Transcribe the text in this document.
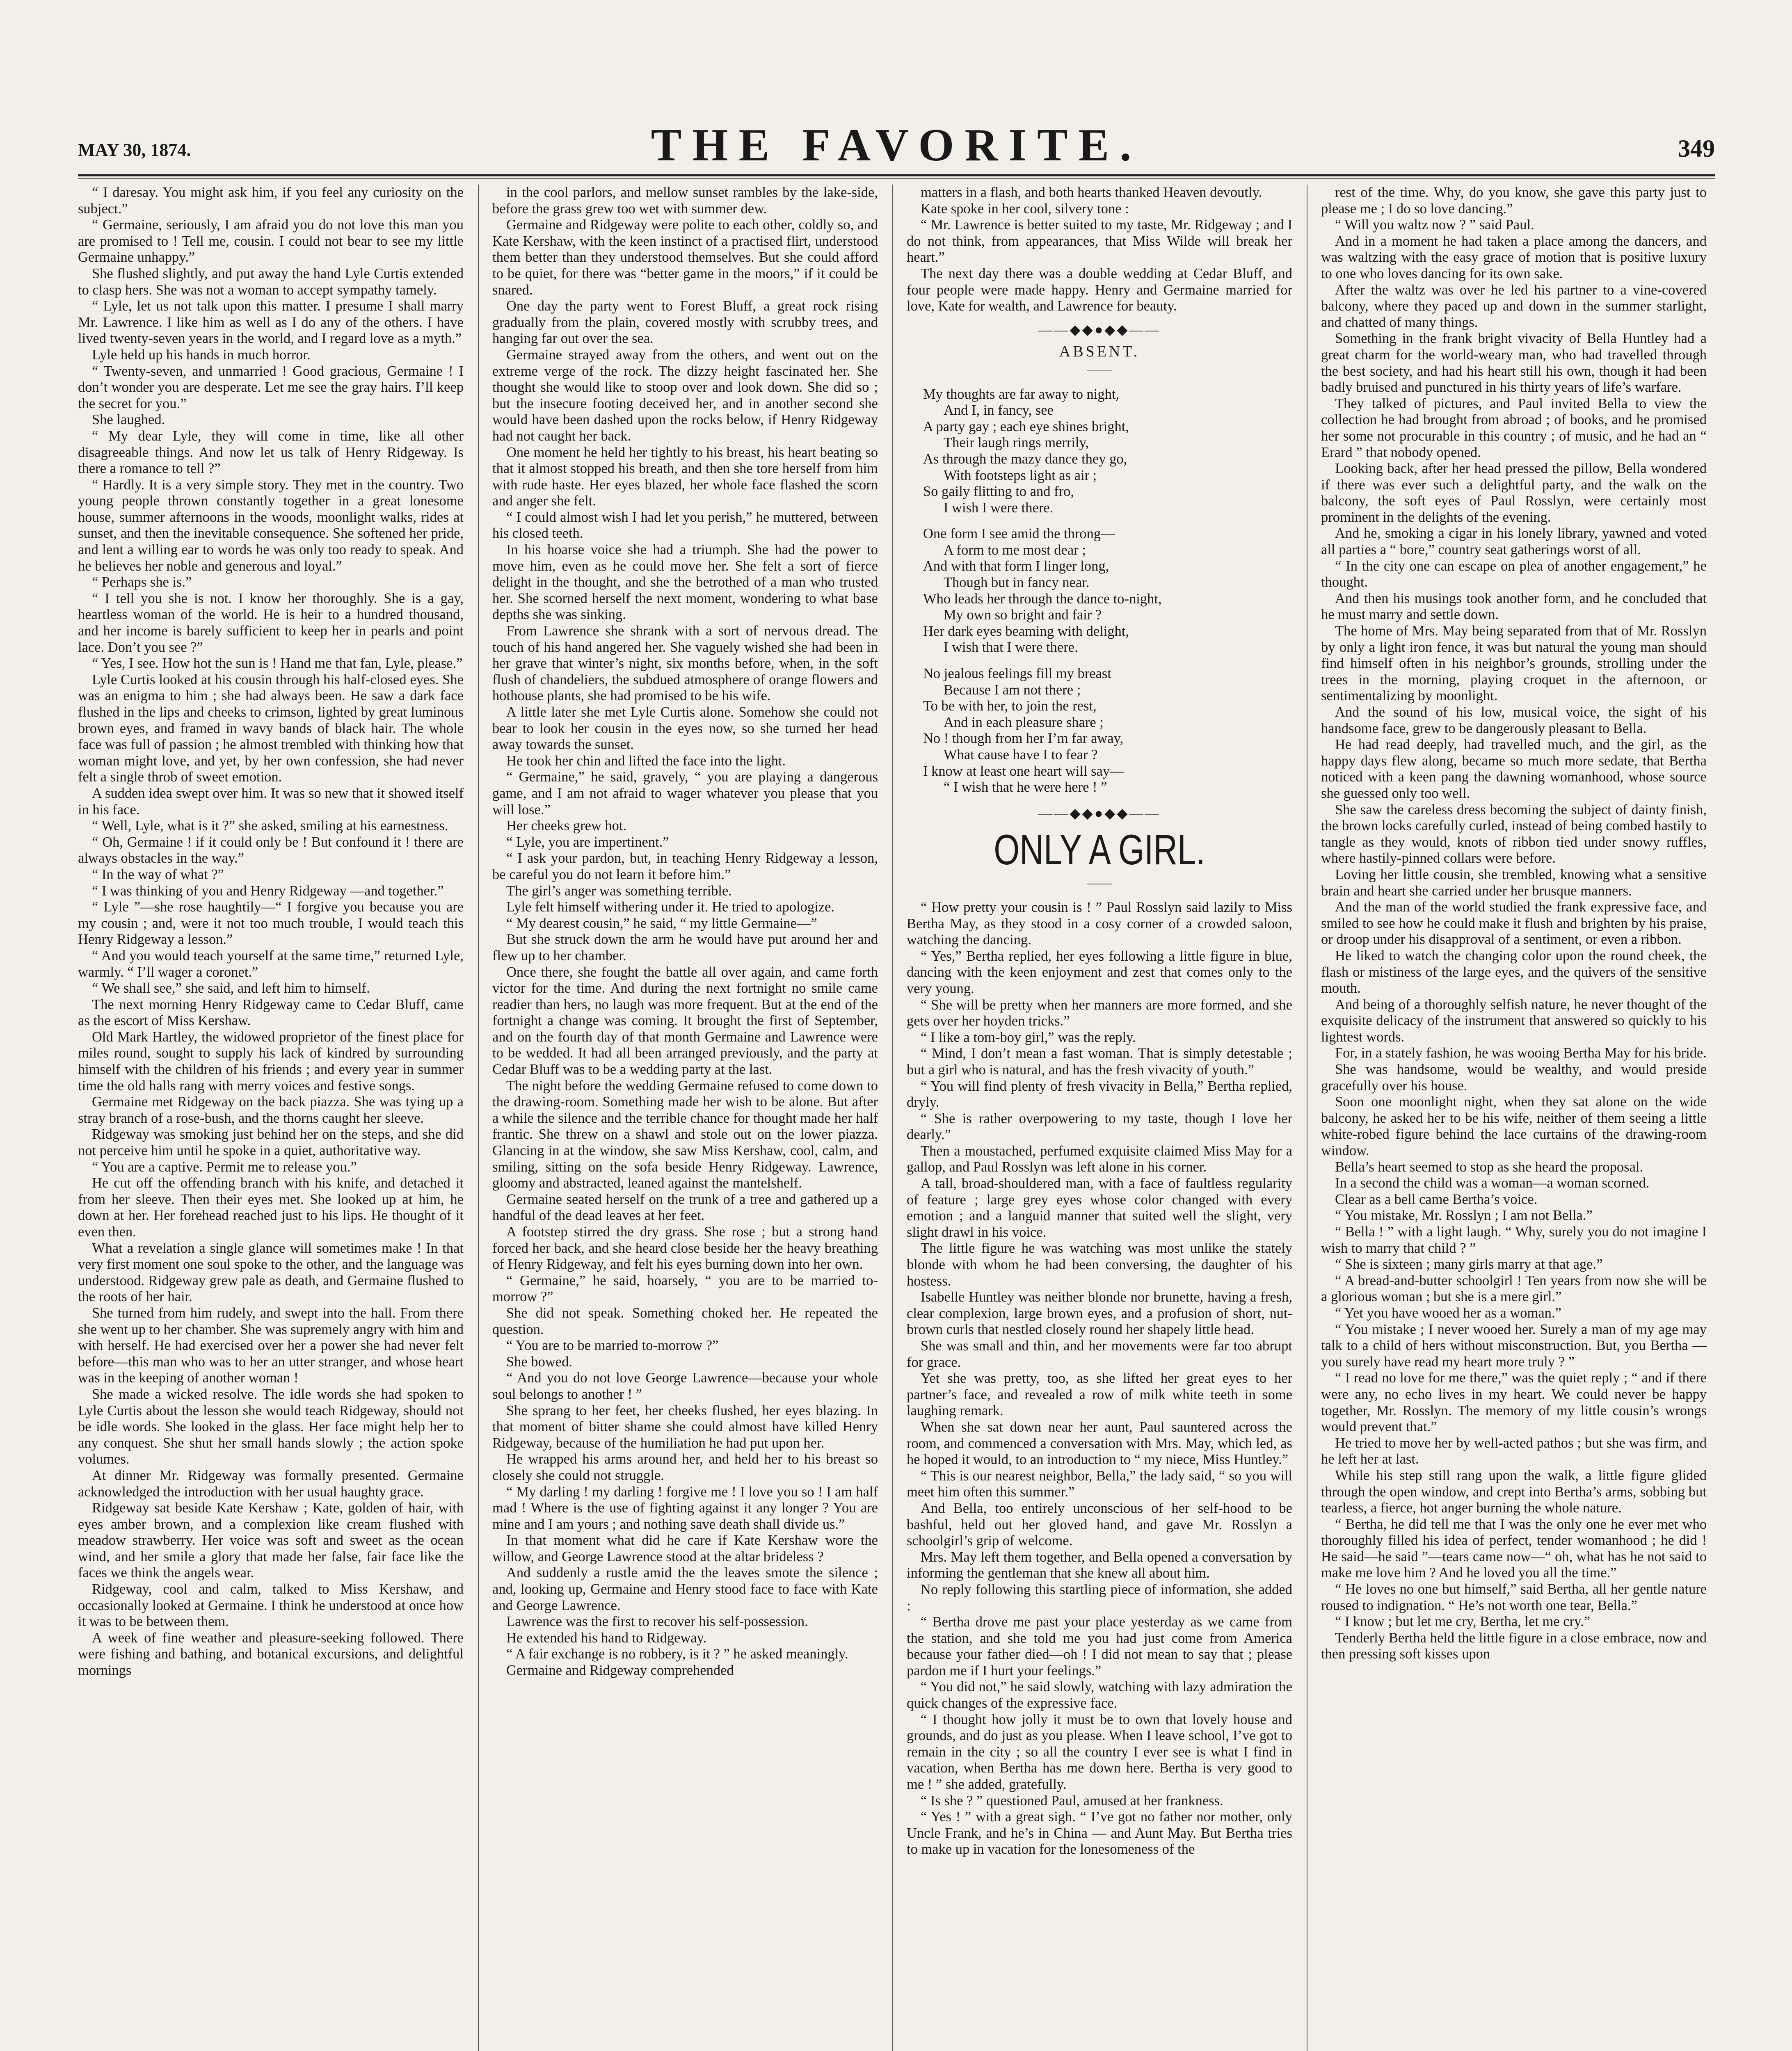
MAY 30, 1874.	THE FAVORITE.	349

“ I daresay. You might ask him, if you feel any curiosity on the subject.”

“ Germaine, seriously, I am afraid you do not love this man you are promised to ! Tell me, cousin. I could not bear to see my little Germaine unhappy.”

She flushed slightly, and put away the hand Lyle Curtis extended to clasp hers. She was not a woman to accept sympathy tamely.

“ Lyle, let us not talk upon this matter. I presume I shall marry Mr. Lawrence. I like him as well as I do any of the others. I have lived twenty-seven years in the world, and I regard love as a myth.”

Lyle held up his hands in much horror.

“ Twenty-seven, and unmarried ! Good gracious, Germaine ! I don’t wonder you are desperate. Let me see the gray hairs. I’ll keep the secret for you.”

She laughed.

“ My dear Lyle, they will come in time, like all other disagreeable things. And now let us talk of Henry Ridgeway. Is there a romance to tell ?”

“ Hardly. It is a very simple story. They met in the country. Two young people thrown constantly together in a great lonesome house, summer afternoons in the woods, moonlight walks, rides at sunset, and then the inevitable consequence. She softened her pride, and lent a willing ear to words he was only too ready to speak. And he believes her noble and generous and loyal.”

“ Perhaps she is.”

“ I tell you she is not. I know her thoroughly. She is a gay, heartless woman of the world. He is heir to a hundred thousand, and her income is barely sufficient to keep her in pearls and point lace. Don’t you see ?”

“ Yes, I see. How hot the sun is ! Hand me that fan, Lyle, please.”

Lyle Curtis looked at his cousin through his half-closed eyes. She was an enigma to him ; she had always been. He saw a dark face flushed in the lips and cheeks to crimson, lighted by great luminous brown eyes, and framed in wavy bands of black hair. The whole face was full of passion ; he almost trembled with thinking how that woman might love, and yet, by her own confession, she had never felt a single throb of sweet emotion.

A sudden idea swept over him. It was so new that it showed itself in his face.

“ Well, Lyle, what is it ?” she asked, smiling at his earnestness.

“ Oh, Germaine ! if it could only be ! But confound it ! there are always obstacles in the way.”

“ In the way of what ?”

“ I was thinking of you and Henry Ridgeway —and together.”

“ Lyle ”—she rose haughtily—“ I forgive you because you are my cousin ; and, were it not too much trouble, I would teach this Henry Ridgeway a lesson.”

“ And you would teach yourself at the same time,” returned Lyle, warmly. “ I’ll wager a coronet.”

“ We shall see,” she said, and left him to himself.

The next morning Henry Ridgeway came to Cedar Bluff, came as the escort of Miss Kershaw.

Old Mark Hartley, the widowed proprietor of the finest place for miles round, sought to supply his lack of kindred by surrounding himself with the children of his friends ; and every year in summer time the old halls rang with merry voices and festive songs.

Germaine met Ridgeway on the back piazza. She was tying up a stray branch of a rose-bush, and the thorns caught her sleeve.

Ridgeway was smoking just behind her on the steps, and she did not perceive him until he spoke in a quiet, authoritative way.

“ You are a captive. Permit me to release you.”

He cut off the offending branch with his knife, and detached it from her sleeve. Then their eyes met. She looked up at him, he down at her. Her forehead reached just to his lips. He thought of it even then.

What a revelation a single glance will sometimes make ! In that very first moment one soul spoke to the other, and the language was understood. Ridgeway grew pale as death, and Germaine flushed to the roots of her hair.

She turned from him rudely, and swept into the hall. From there she went up to her chamber. She was supremely angry with him and with herself. He had exercised over her a power she had never felt before—this man who was to her an utter stranger, and whose heart was in the keeping of another woman !

She made a wicked resolve. The idle words she had spoken to Lyle Curtis about the lesson she would teach Ridgeway, should not be idle words. She looked in the glass. Her face might help her to any conquest. She shut her small hands slowly ; the action spoke volumes.

At dinner Mr. Ridgeway was formally presented. Germaine acknowledged the introduction with her usual haughty grace.

Ridgeway sat beside Kate Kershaw ; Kate, golden of hair, with eyes amber brown, and a complexion like cream flushed with meadow strawberry. Her voice was soft and sweet as the ocean wind, and her smile a glory that made her false, fair face like the faces we think the angels wear.

Ridgeway, cool and calm, talked to Miss Kershaw, and occasionally looked at Germaine. I think he understood at once how it was to be between them.

A week of fine weather and pleasure-seeking followed. There were fishing and bathing, and botanical excursions, and delightful mornings

in the cool parlors, and mellow sunset rambles by the lake-side, before the grass grew too wet with summer dew.

Germaine and Ridgeway were polite to each other, coldly so, and Kate Kershaw, with the keen instinct of a practised flirt, understood them better than they understood themselves. But she could afford to be quiet, for there was “better game in the moors,” if it could be snared.

One day the party went to Forest Bluff, a great rock rising gradually from the plain, covered mostly with scrubby trees, and hanging far out over the sea.

Germaine strayed away from the others, and went out on the extreme verge of the rock. The dizzy height fascinated her. She thought she would like to stoop over and look down. She did so ; but the insecure footing deceived her, and in another second she would have been dashed upon the rocks below, if Henry Ridgeway had not caught her back.

One moment he held her tightly to his breast, his heart beating so that it almost stopped his breath, and then she tore herself from him with rude haste. Her eyes blazed, her whole face flashed the scorn and anger she felt.

“ I could almost wish I had let you perish,” he muttered, between his closed teeth.

In his hoarse voice she had a triumph. She had the power to move him, even as he could move her. She felt a sort of fierce delight in the thought, and she the betrothed of a man who trusted her. She scorned herself the next moment, wondering to what base depths she was sinking.

From Lawrence she shrank with a sort of nervous dread. The touch of his hand angered her. She vaguely wished she had been in her grave that winter’s night, six months before, when, in the soft flush of chandeliers, the subdued atmosphere of orange flowers and hothouse plants, she had promised to be his wife.

A little later she met Lyle Curtis alone. Somehow she could not bear to look her cousin in the eyes now, so she turned her head away towards the sunset.

He took her chin and lifted the face into the light.

“ Germaine,” he said, gravely, “ you are playing a dangerous game, and I am not afraid to wager whatever you please that you will lose.”

Her cheeks grew hot.

“ Lyle, you are impertinent.”

“ I ask your pardon, but, in teaching Henry Ridgeway a lesson, be careful you do not learn it before him.”

The girl’s anger was something terrible.

Lyle felt himself withering under it. He tried to apologize.

“ My dearest cousin,” he said, “ my little Germaine—”

But she struck down the arm he would have put around her and flew up to her chamber.

Once there, she fought the battle all over again, and came forth victor for the time. And during the next fortnight no smile came readier than hers, no laugh was more frequent. But at the end of the fortnight a change was coming. It brought the first of September, and on the fourth day of that month Germaine and Lawrence were to be wedded. It had all been arranged previously, and the party at Cedar Bluff was to be a wedding party at the last.

The night before the wedding Germaine refused to come down to the drawing-room. Something made her wish to be alone. But after a while the silence and the terrible chance for thought made her half frantic. She threw on a shawl and stole out on the lower piazza. Glancing in at the window, she saw Miss Kershaw, cool, calm, and smiling, sitting on the sofa beside Henry Ridgeway. Lawrence, gloomy and abstracted, leaned against the mantelshelf.

Germaine seated herself on the trunk of a tree and gathered up a handful of the dead leaves at her feet.

A footstep stirred the dry grass. She rose ; but a strong hand forced her back, and she heard close beside her the heavy breathing of Henry Ridgeway, and felt his eyes burning down into her own.

“ Germaine,” he said, hoarsely, “ you are to be married to-morrow ?”

She did not speak. Something choked her. He repeated the question.

“ You are to be married to-morrow ?”

She bowed.

“ And you do not love George Lawrence—because your whole soul belongs to another ! ”

She sprang to her feet, her cheeks flushed, her eyes blazing. In that moment of bitter shame she could almost have killed Henry Ridgeway, because of the humiliation he had put upon her.

He wrapped his arms around her, and held her to his breast so closely she could not struggle.

“ My darling ! my darling ! forgive me ! I love you so ! I am half mad ! Where is the use of fighting against it any longer ? You are mine and I am yours ; and nothing save death shall divide us.”

In that moment what did he care if Kate Kershaw wore the willow, and George Lawrence stood at the altar brideless ?

And suddenly a rustle amid the the leaves smote the silence ; and, looking up, Germaine and Henry stood face to face with Kate and George Lawrence.

Lawrence was the first to recover his self-possession.

He extended his hand to Ridgeway.

“ A fair exchange is no robbery, is it ? ” he asked meaningly.

Germaine and Ridgeway comprehended

matters in a flash, and both hearts thanked Heaven devoutly.

Kate spoke in her cool, silvery tone :

“ Mr. Lawrence is better suited to my taste, Mr. Ridgeway ; and I do not think, from appearances, that Miss Wilde will break her heart.”

The next day there was a double wedding at Cedar Bluff, and four people were made happy. Henry and Germaine married for love, Kate for wealth, and Lawrence for beauty.

——◆◆●◆◆——
ABSENT.
——
My thoughts are far away to night,
And I, in fancy, see
A party gay ; each eye shines bright,
Their laugh rings merrily,
As through the mazy dance they go,
With footsteps light as air ;
So gaily flitting to and fro,
I wish I were there.
One form I see amid the throng—
A form to me most dear ;
And with that form I linger long,
Though but in fancy near.
Who leads her through the dance to-night,
My own so bright and fair ?
Her dark eyes beaming with delight,
I wish that I were there.
No jealous feelings fill my breast
Because I am not there ;
To be with her, to join the rest,
And in each pleasure share ;
No ! though from her I’m far away,
What cause have I to fear ?
I know at least one heart will say—
“ I wish that he were here ! ”
——◆◆●◆◆——
ONLY A GIRL.
——

“ How pretty your cousin is ! ” Paul Rosslyn said lazily to Miss Bertha May, as they stood in a cosy corner of a crowded saloon, watching the dancing.

“ Yes,” Bertha replied, her eyes following a little figure in blue, dancing with the keen enjoyment and zest that comes only to the very young.

“ She will be pretty when her manners are more formed, and she gets over her hoyden tricks.”

“ I like a tom-boy girl,” was the reply.

“ Mind, I don’t mean a fast woman. That is simply detestable ; but a girl who is natural, and has the fresh vivacity of youth.”

“ You will find plenty of fresh vivacity in Bella,” Bertha replied, dryly.

“ She is rather overpowering to my taste, though I love her dearly.”

Then a moustached, perfumed exquisite claimed Miss May for a gallop, and Paul Rosslyn was left alone in his corner.

A tall, broad-shouldered man, with a face of faultless regularity of feature ; large grey eyes whose color changed with every emotion ; and a languid manner that suited well the slight, very slight drawl in his voice.

The little figure he was watching was most unlike the stately blonde with whom he had been conversing, the daughter of his hostess.

Isabelle Huntley was neither blonde nor brunette, having a fresh, clear complexion, large brown eyes, and a profusion of short, nut-brown curls that nestled closely round her shapely little head.

She was small and thin, and her movements were far too abrupt for grace.

Yet she was pretty, too, as she lifted her great eyes to her partner’s face, and revealed a row of milk white teeth in some laughing remark.

When she sat down near her aunt, Paul sauntered across the room, and commenced a conversation with Mrs. May, which led, as he hoped it would, to an introduction to “ my niece, Miss Huntley.”

“ This is our nearest neighbor, Bella,” the lady said, “ so you will meet him often this summer.”

And Bella, too entirely unconscious of her self-hood to be bashful, held out her gloved hand, and gave Mr. Rosslyn a schoolgirl’s grip of welcome.

Mrs. May left them together, and Bella opened a conversation by informing the gentleman that she knew all about him.

No reply following this startling piece of information, she added :

“ Bertha drove me past your place yesterday as we came from the station, and she told me you had just come from America because your father died—oh ! I did not mean to say that ; please pardon me if I hurt your feelings.”

“ You did not,” he said slowly, watching with lazy admiration the quick changes of the expressive face.

“ I thought how jolly it must be to own that lovely house and grounds, and do just as you please. When I leave school, I’ve got to remain in the city ; so all the country I ever see is what I find in vacation, when Bertha has me down here. Bertha is very good to me ! ” she added, gratefully.

“ Is she ? ” questioned Paul, amused at her frankness.

“ Yes ! ” with a great sigh. “ I’ve got no father nor mother, only Uncle Frank, and he’s in China — and Aunt May. But Bertha tries to make up in vacation for the lonesomeness of the

rest of the time. Why, do you know, she gave this party just to please me ; I do so love dancing.”

“ Will you waltz now ? ” said Paul.

And in a moment he had taken a place among the dancers, and was waltzing with the easy grace of motion that is positive luxury to one who loves dancing for its own sake.

After the waltz was over he led his partner to a vine-covered balcony, where they paced up and down in the summer starlight, and chatted of many things.

Something in the frank bright vivacity of Bella Huntley had a great charm for the world-weary man, who had travelled through the best society, and had his heart still his own, though it had been badly bruised and punctured in his thirty years of life’s warfare.

They talked of pictures, and Paul invited Bella to view the collection he had brought from abroad ; of books, and he promised her some not procurable in this country ; of music, and he had an “ Erard ” that nobody opened.

Looking back, after her head pressed the pillow, Bella wondered if there was ever such a delightful party, and the walk on the balcony, the soft eyes of Paul Rosslyn, were certainly most prominent in the delights of the evening.

And he, smoking a cigar in his lonely library, yawned and voted all parties a “ bore,” country seat gatherings worst of all.

“ In the city one can escape on plea of another engagement,” he thought.

And then his musings took another form, and he concluded that he must marry and settle down.

The home of Mrs. May being separated from that of Mr. Rosslyn by only a light iron fence, it was but natural the young man should find himself often in his neighbor’s grounds, strolling under the trees in the morning, playing croquet in the afternoon, or sentimentalizing by moonlight.

And the sound of his low, musical voice, the sight of his handsome face, grew to be dangerously pleasant to Bella.

He had read deeply, had travelled much, and the girl, as the happy days flew along, became so much more sedate, that Bertha noticed with a keen pang the dawning womanhood, whose source she guessed only too well.

She saw the careless dress becoming the subject of dainty finish, the brown locks carefully curled, instead of being combed hastily to tangle as they would, knots of ribbon tied under snowy ruffles, where hastily-pinned collars were before.

Loving her little cousin, she trembled, knowing what a sensitive brain and heart she carried under her brusque manners.

And the man of the world studied the frank expressive face, and smiled to see how he could make it flush and brighten by his praise, or droop under his disapproval of a sentiment, or even a ribbon.

He liked to watch the changing color upon the round cheek, the flash or mistiness of the large eyes, and the quivers of the sensitive mouth.

And being of a thoroughly selfish nature, he never thought of the exquisite delicacy of the instrument that answered so quickly to his lightest words.

For, in a stately fashion, he was wooing Bertha May for his bride.

She was handsome, would be wealthy, and would preside gracefully over his house.

Soon one moonlight night, when they sat alone on the wide balcony, he asked her to be his wife, neither of them seeing a little white-robed figure behind the lace curtains of the drawing-room window.

Bella’s heart seemed to stop as she heard the proposal.

In a second the child was a woman—a woman scorned.

Clear as a bell came Bertha’s voice.

“ You mistake, Mr. Rosslyn ; I am not Bella.”

“ Bella ! ” with a light laugh. “ Why, surely you do not imagine I wish to marry that child ? ”

“ She is sixteen ; many girls marry at that age.”

“ A bread-and-butter schoolgirl ! Ten years from now she will be a glorious woman ; but she is a mere girl.”

“ Yet you have wooed her as a woman.”

“ You mistake ; I never wooed her. Surely a man of my age may talk to a child of hers without misconstruction. But, you Bertha — you surely have read my heart more truly ? ”

“ I read no love for me there,” was the quiet reply ; “ and if there were any, no echo lives in my heart. We could never be happy together, Mr. Rosslyn. The memory of my little cousin’s wrongs would prevent that.”

He tried to move her by well-acted pathos ; but she was firm, and he left her at last.

While his step still rang upon the walk, a little figure glided through the open window, and crept into Bertha’s arms, sobbing but tearless, a fierce, hot anger burning the whole nature.

“ Bertha, he did tell me that I was the only one he ever met who thoroughly filled his idea of perfect, tender womanhood ; he did ! He said—he said ”—tears came now—“ oh, what has he not said to make me love him ? And he loved you all the time.”

“ He loves no one but himself,” said Bertha, all her gentle nature roused to indignation. “ He’s not worth one tear, Bella.”

“ I know ; but let me cry, Bertha, let me cry.”

Tenderly Bertha held the little figure in a close embrace, now and then pressing soft kisses upon
